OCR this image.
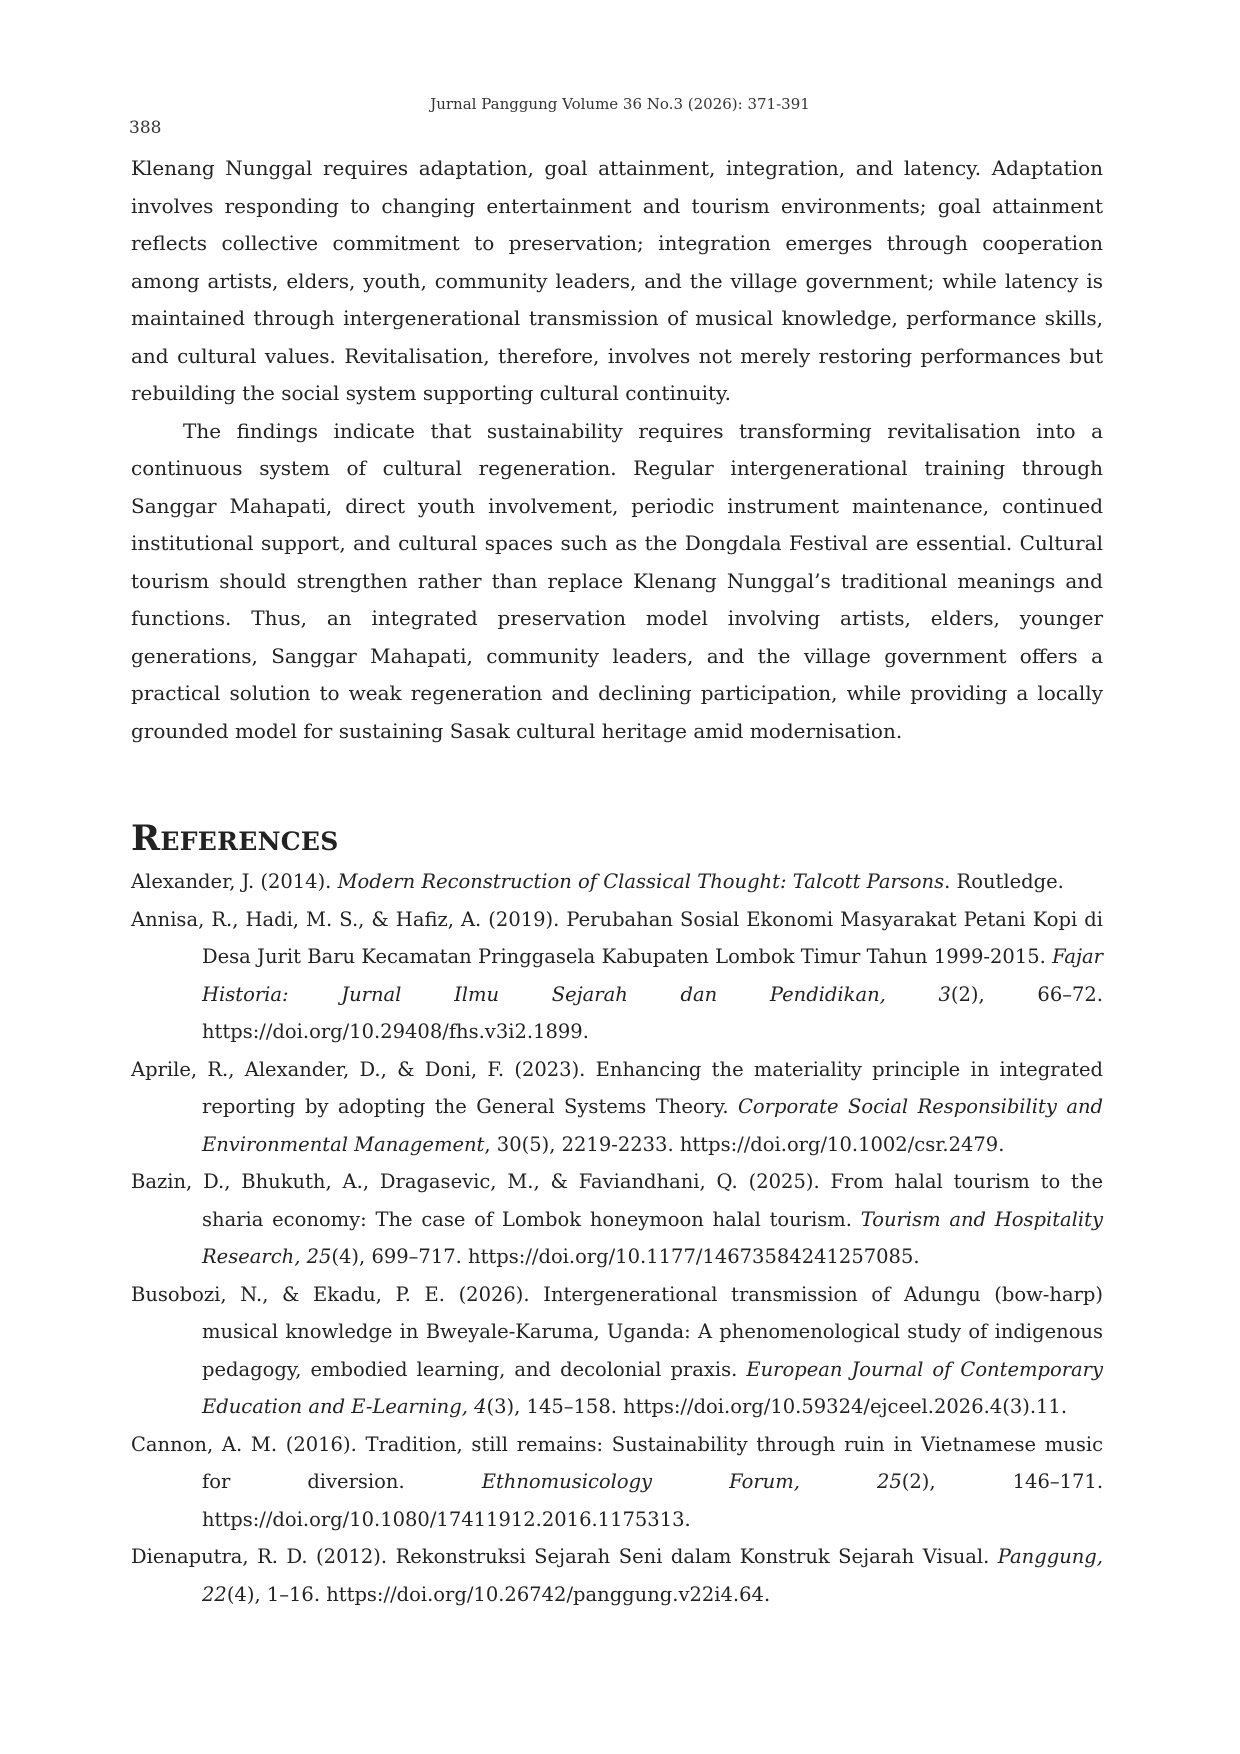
Jurnal Panggung Volume 36 No.3 (2026): 371-391
388

Klenang Nunggal requires adaptation, goal attainment, integration, and latency. Adaptation involves responding to changing entertainment and tourism environments; goal attainment reflects collective commitment to preservation; integration emerges through cooperation among artists, elders, youth, community leaders, and the village government; while latency is maintained through intergenerational transmission of musical knowledge, performance skills, and cultural values. Revitalisation, therefore, involves not merely restoring performances but rebuilding the social system supporting cultural continuity.

The findings indicate that sustainability requires transforming revitalisation into a continuous system of cultural regeneration. Regular intergenerational training through Sanggar Mahapati, direct youth involvement, periodic instrument maintenance, continued institutional support, and cultural spaces such as the Dongdala Festival are essential. Cultural tourism should strengthen rather than replace Klenang Nunggal’s traditional meanings and functions. Thus, an integrated preservation model involving artists, elders, younger generations, Sanggar Mahapati, community leaders, and the village government offers a practical solution to weak regeneration and declining participation, while providing a locally grounded model for sustaining Sasak cultural heritage amid modernisation.

References

Alexander, J. (2014). Modern Reconstruction of Classical Thought: Talcott Parsons. Routledge.

Annisa, R., Hadi, M. S., & Hafiz, A. (2019). Perubahan Sosial Ekonomi Masyarakat Petani Kopi di Desa Jurit Baru Kecamatan Pringgasela Kabupaten Lombok Timur Tahun 1999-2015. Fajar Historia: Jurnal Ilmu Sejarah dan Pendidikan, 3(2), 66–72. https://doi.org/10.29408/fhs.v3i2.1899.

Aprile, R., Alexander, D., & Doni, F. (2023). Enhancing the materiality principle in integrated reporting by adopting the General Systems Theory. Corporate Social Responsibility and Environmental Management, 30(5), 2219-2233. https://doi.org/10.1002/csr.2479.

Bazin, D., Bhukuth, A., Dragasevic, M., & Faviandhani, Q. (2025). From halal tourism to the sharia economy: The case of Lombok honeymoon halal tourism. Tourism and Hospitality Research, 25(4), 699–717. https://doi.org/10.1177/14673584241257085.

Busobozi, N., & Ekadu, P. E. (2026). Intergenerational transmission of Adungu (bow-harp) musical knowledge in Bweyale-Karuma, Uganda: A phenomenological study of indigenous pedagogy, embodied learning, and decolonial praxis. European Journal of Contemporary Education and E-Learning, 4(3), 145–158. https://doi.org/10.59324/ejceel.2026.4(3).11.

Cannon, A. M. (2016). Tradition, still remains: Sustainability through ruin in Vietnamese music for diversion. Ethnomusicology Forum, 25(2), 146–171. https://doi.org/10.1080/17411912.2016.1175313.

Dienaputra, R. D. (2012). Rekonstruksi Sejarah Seni dalam Konstruk Sejarah Visual. Panggung, 22(4), 1–16. https://doi.org/10.26742/panggung.v22i4.64.
